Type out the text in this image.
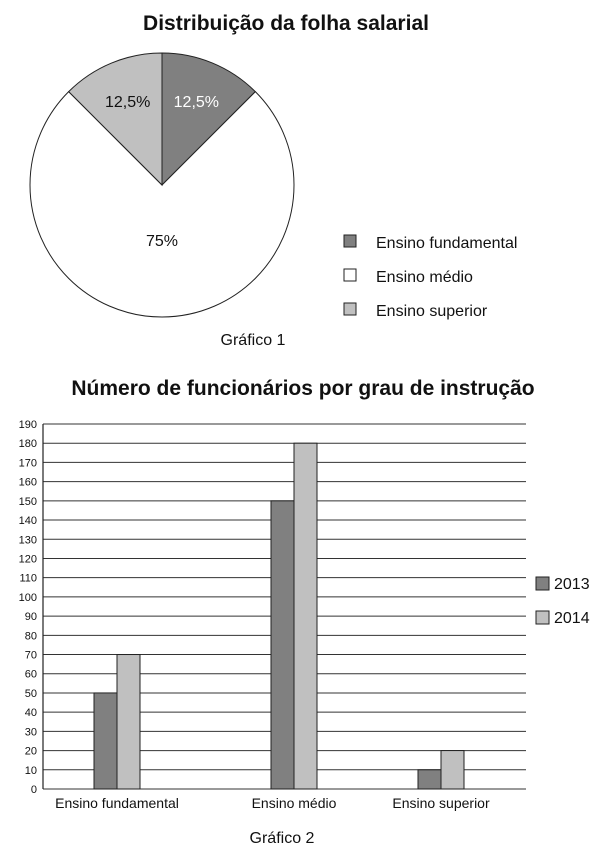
Distribuição da folha salarial
12,5%
75%
12,5%
Ensino fundamental
Ensino médio
Ensino superior
Gráfico 1
Número de funcionários por grau de instrução
0
10
20
30
40
50
60
70
80
90
100
110
120
130
140
150
160
170
180
190
Ensino fundamental	Ensino médio	Ensino superior
2013
2014
Gráfico 2
